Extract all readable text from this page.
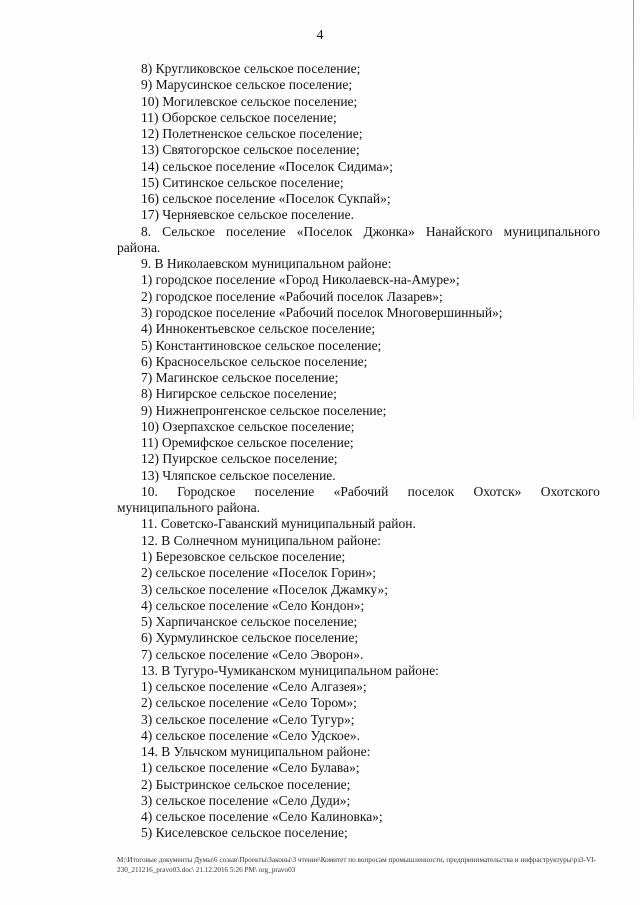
4
8) Кругликовское сельское поселение;
9) Марусинское сельское поселение;
10) Могилевское сельское поселение;
11) Оборское сельское поселение;
12) Полетненское сельское поселение;
13) Святогорское сельское поселение;
14) сельское поселение «Поселок Сидима»;
15) Ситинское сельское поселение;
16) сельское поселение «Поселок Сукпай»;
17) Черняевское сельское поселение.
8. Сельское поселение «Поселок Джонка» Нанайского муниципального
района.
9. В Николаевском муниципальном районе:
1) городское поселение «Город Николаевск-на-Амуре»;
2) городское поселение «Рабочий поселок Лазарев»;
3) городское поселение «Рабочий поселок Многовершинный»;
4) Иннокентьевское сельское поселение;
5) Константиновское сельское поселение;
6) Красносельское сельское поселение;
7) Магинское сельское поселение;
8) Нигирское сельское поселение;
9) Нижнепронгенское сельское поселение;
10) Озерпахское сельское поселение;
11) Оремифское сельское поселение;
12) Пуирское сельское поселение;
13) Чляпское сельское поселение.
10. Городское поселение «Рабочий поселок Охотск» Охотского
муниципального района.
11. Советско-Гаванский муниципальный район.
12. В Солнечном муниципальном районе:
1) Березовское сельское поселение;
2) сельское поселение «Поселок Горин»;
3) сельское поселение «Поселок Джамку»;
4) сельское поселение «Село Кондон»;
5) Харпичанское сельское поселение;
6) Хурмулинское сельское поселение;
7) сельское поселение «Село Эворон».
13. В Тугуро-Чумиканском муниципальном районе:
1) сельское поселение «Село Алгазея»;
2) сельское поселение «Село Тором»;
3) сельское поселение «Село Тугур»;
4) сельское поселение «Село Удское».
14. В Ульчском муниципальном районе:
1) сельское поселение «Село Булава»;
2) Быстринское сельское поселение;
3) сельское поселение «Село Дуди»;
4) сельское поселение «Село Калиновка»;
5) Киселевское сельское поселение;
М:\Итоговые документы Думы\6 созыв\Проекты\Законы\3 чтение\Комитет по вопросам промышленности, предпринимательства и инфраструктуры\рз3-VI-230_211216_pravo03.doc\ 21.12.2016 5:26 PM\ org_pravo03
